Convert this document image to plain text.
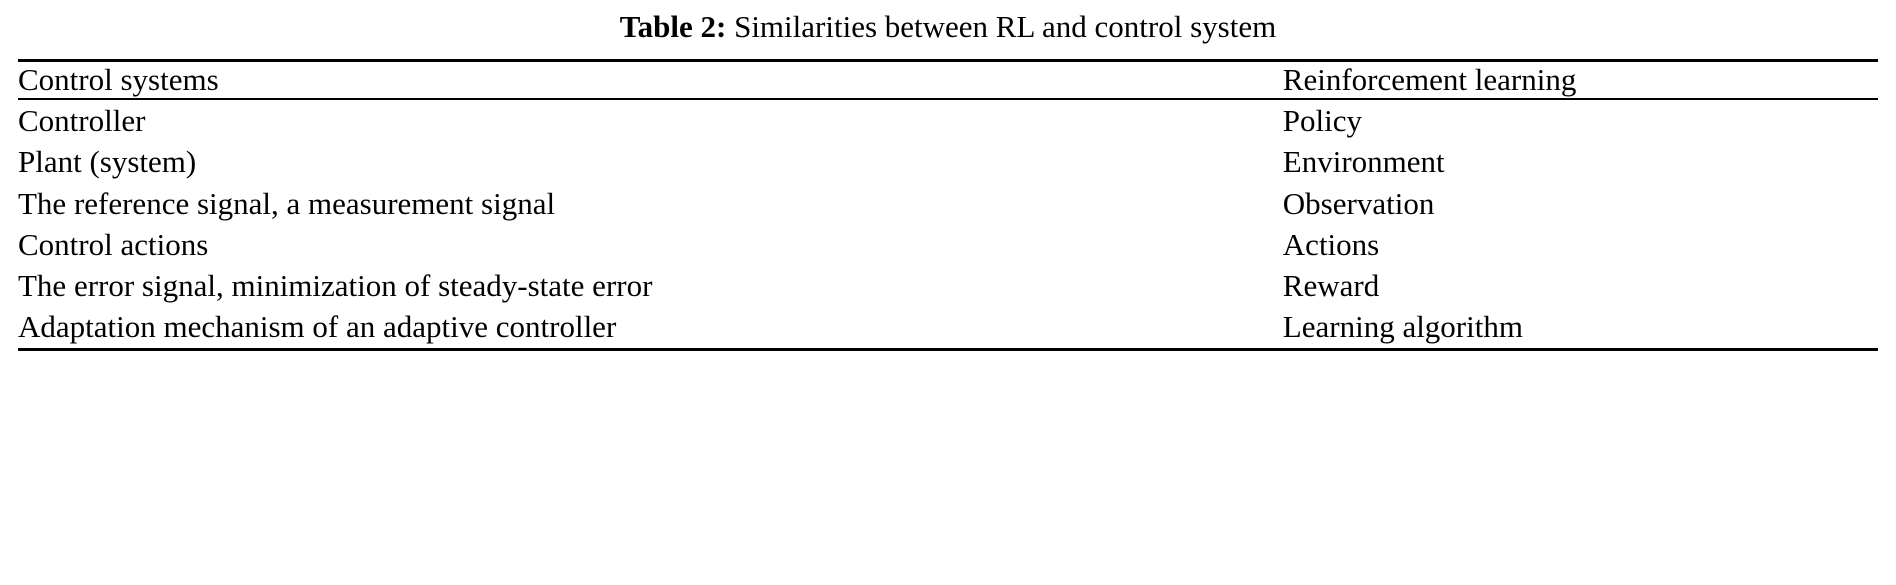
Table 2: Similarities between RL and control system
Control systems	Reinforcement learning
Controller	Policy
Plant (system)	Environment
The reference signal, a measurement signal	Observation
Control actions	Actions
The error signal, minimization of steady-state error	Reward
Adaptation mechanism of an adaptive controller	Learning algorithm
